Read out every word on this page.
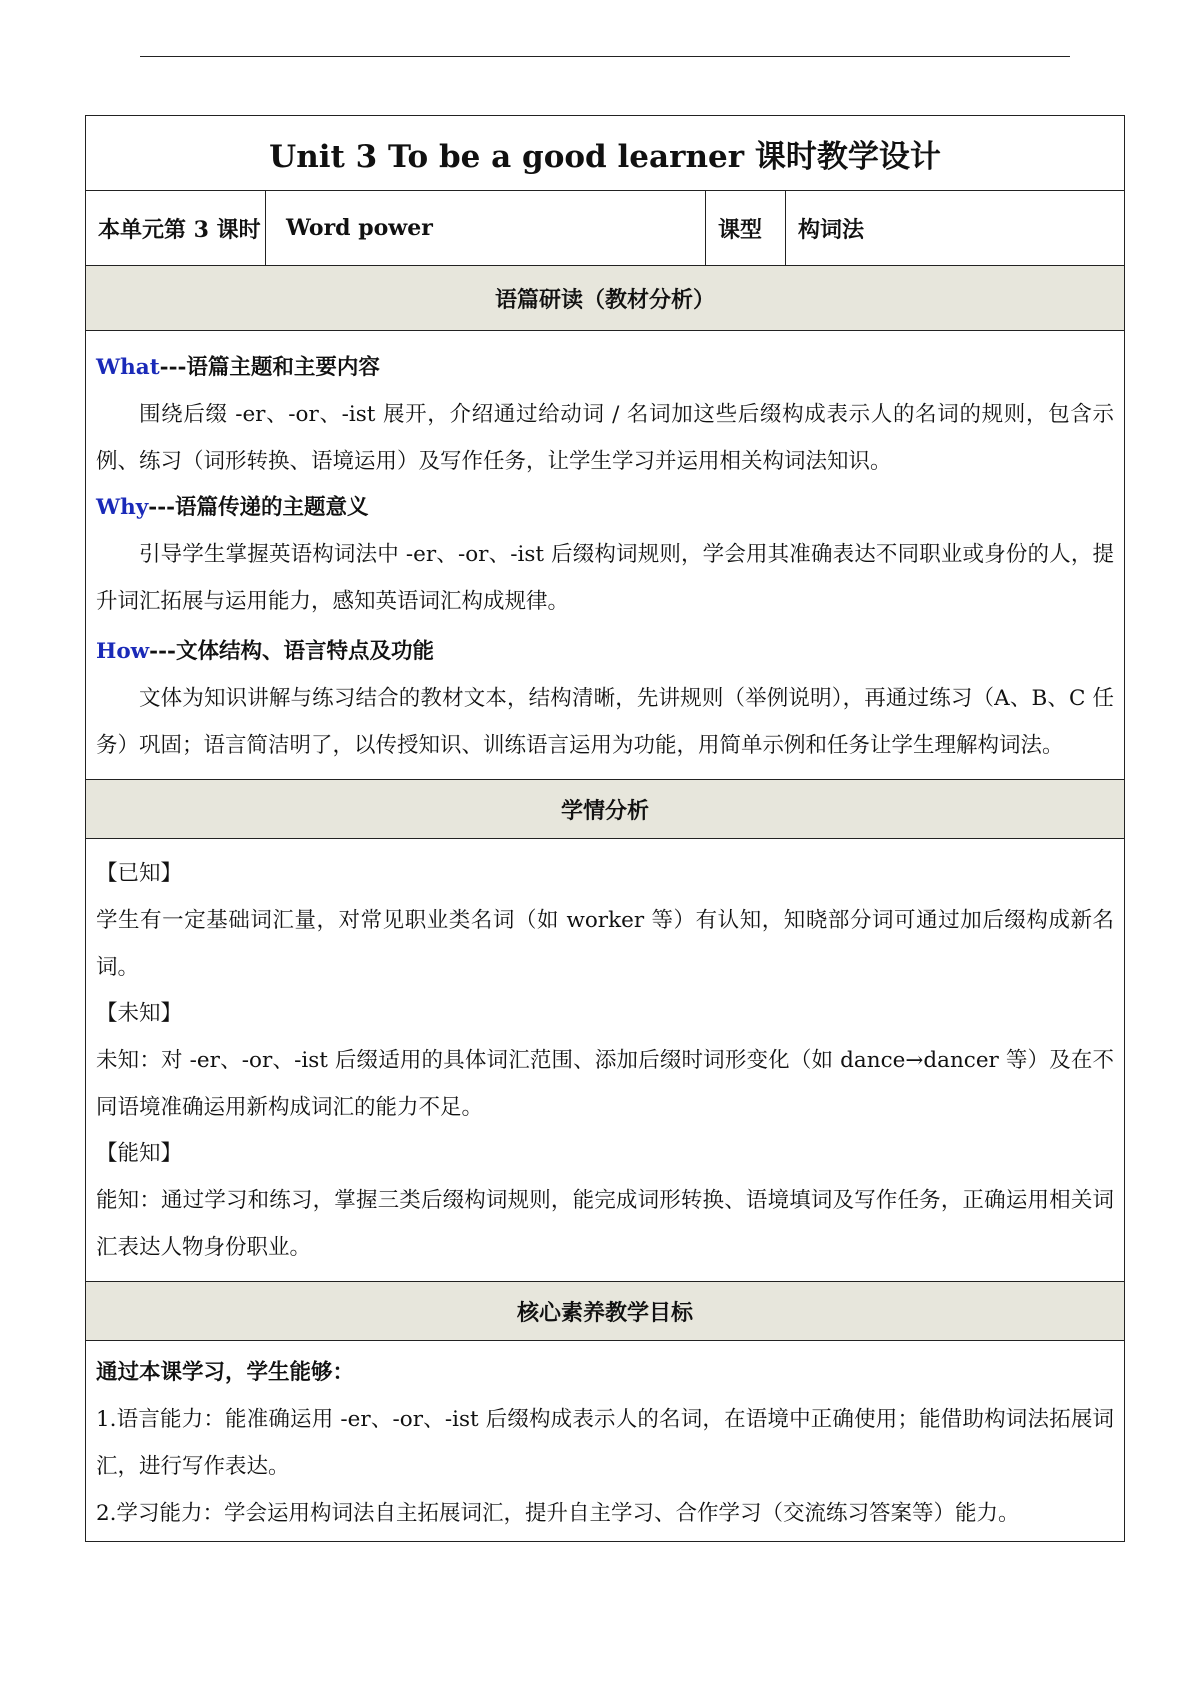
Unit 3 To be a good learner 课时教学设计

本单元第 3 课时	Word power	课型	构词法

语篇研读（教材分析）

What---语篇主题和主要内容

围绕后缀 -er、-or、-ist 展开，介绍通过给动词 / 名词加这些后缀构成表示人的名词的规则，包含示例、练习（词形转换、语境运用）及写作任务，让学生学习并运用相关构词法知识。

Why---语篇传递的主题意义

引导学生掌握英语构词法中 -er、-or、-ist 后缀构词规则，学会用其准确表达不同职业或身份的人，提升词汇拓展与运用能力，感知英语词汇构成规律。

How---文体结构、语言特点及功能

文体为知识讲解与练习结合的教材文本，结构清晰，先讲规则（举例说明），再通过练习（A、B、C 任务）巩固；语言简洁明了，以传授知识、训练语言运用为功能，用简单示例和任务让学生理解构词法。

学情分析

【已知】

学生有一定基础词汇量，对常见职业类名词（如 worker 等）有认知，知晓部分词可通过加后缀构成新名词。

【未知】

未知：对 -er、-or、-ist 后缀适用的具体词汇范围、添加后缀时词形变化（如 dance→dancer 等）及在不同语境准确运用新构成词汇的能力不足。

【能知】

能知：通过学习和练习，掌握三类后缀构词规则，能完成词形转换、语境填词及写作任务，正确运用相关词汇表达人物身份职业。

核心素养教学目标

通过本课学习，学生能够：

1.语言能力：能准确运用 -er、-or、-ist 后缀构成表示人的名词，在语境中正确使用；能借助构词法拓展词汇，进行写作表达。

2.学习能力：学会运用构词法自主拓展词汇，提升自主学习、合作学习（交流练习答案等）能力。
